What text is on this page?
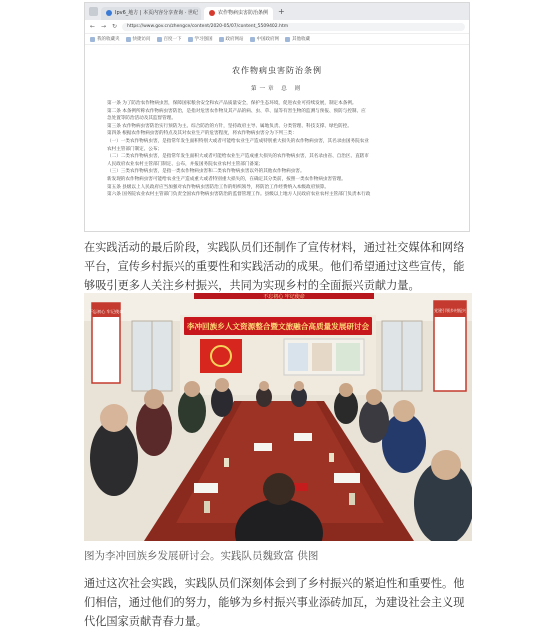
Ipv6_地方 | 本页内容分享查询 · 世纪	农作物病虫害防治条例 +
← → ↻	https://www.gov.cn/zhengce/content/2020-05/07/content_5509402.htm
我的收藏夹	快捷访问	百度一下	学习强国	政府网站	中国政府网	其他收藏
农作物病虫害防治条例
第一章 总 则
第一条 为了防治农作物病虫害，保障国家粮食安全和农产品质量安全，保护生态环境，促进农业可持续发展，制定本条例。
第二条 本条例所称农作物病虫害防治，是指对危害农作物及其产品的病、虫、草、鼠等有害生物的监测与预报、预防与控制、应
急处置等防治活动及其监督管理。
第三条 农作物病虫害防治实行预防为主、综合防治的方针，坚持政府主导、属地负责、分类管理、科技支撑、绿色防控。
第四条 根据农作物病虫害的特点及其对农业生产的危害程度，将农作物病虫害分为下列三类：
（一）一类农作物病虫害，是指常年发生面积特别大或者可能给农业生产造成特别重大损失的农作物病虫害，其名录由国务院农业
农村主管部门制定、公布；
（二）二类农作物病虫害，是指常年发生面积大或者可能给农业生产造成重大损失的农作物病虫害，其名录由省、自治区、直辖市
人民政府农业农村主管部门制定、公布，并报国务院农业农村主管部门备案；
（三）三类农作物病虫害，是指一类农作物病虫害和二类农作物病虫害以外的其他农作物病虫害。
新发现的农作物病虫害可能给农业生产造成重大或者特别重大损失的，在确定其分类前，按照一类农作物病虫害管理。
第五条 县级以上人民政府应当加强对农作物病虫害防治工作的组织领导，将防治工作经费纳入本级政府预算。
第六条 国务院农业农村主管部门负责全国农作物病虫害防治的监督管理工作。县级以上地方人民政府农业农村主管部门负责本行政

在实践活动的最后阶段，实践队员们还制作了宣传材料，通过社交媒体和网络平台，宣传乡村振兴的重要性和实践活动的成果。他们希望通过这些宣传，能够吸引更多人关注乡村振兴，共同为实现乡村的全面振兴贡献力量。

不忘初心 牢记使命
不忘初心 牢记使命	党建引领乡村振兴
李冲回族乡人文资源整合暨文旅融合高质量发展研讨会
图为李冲回族乡发展研讨会。实践队员魏致富 供图

通过这次社会实践，实践队员们深刻体会到了乡村振兴的紧迫性和重要性。他们相信，通过他们的努力，能够为乡村振兴事业添砖加瓦，为建设社会主义现代化国家贡献青春力量。
